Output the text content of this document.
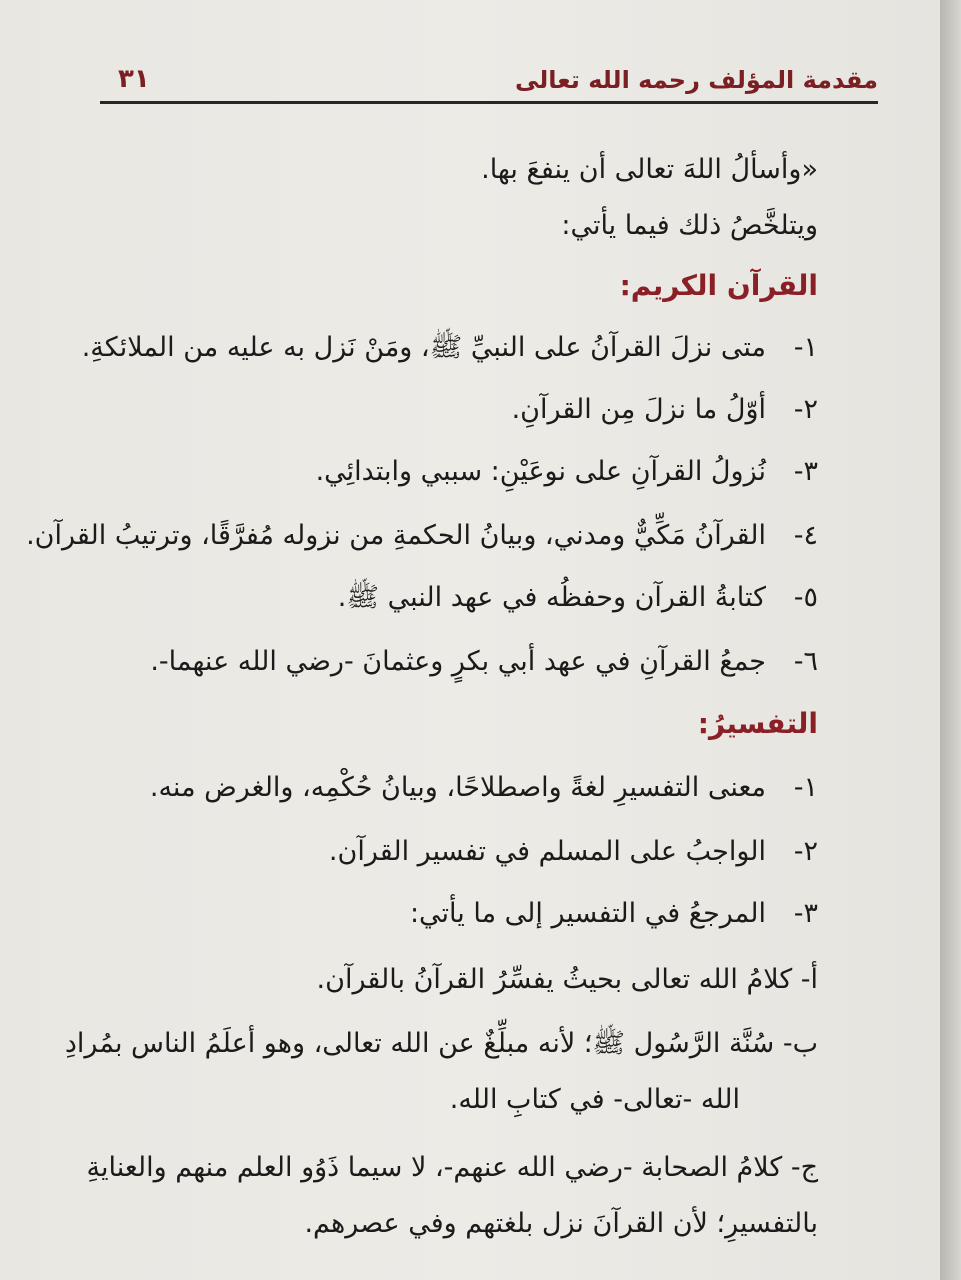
مقدمة المؤلف رحمه الله تعالى
٣١
«وأسألُ اللهَ تعالى أن ينفعَ بها.
ويتلخَّصُ ذلك فيما يأتي:
القرآن الكريم:
١-متى نزلَ القرآنُ على النبيِّ ﷺ، ومَنْ نَزل به عليه من الملائكةِ.
٢-أوّلُ ما نزلَ مِن القرآنِ.
٣-نُزولُ القرآنِ على نوعَيْنِ: سببي وابتدائِي.
٤-القرآنُ مَكِّيٌّ ومدني، وبيانُ الحكمةِ من نزوله مُفرَّقًا، وترتيبُ القرآن.
٥-كتابةُ القرآن وحفظُه في عهد النبي ﷺ.
٦-جمعُ القرآنِ في عهد أبي بكرٍ وعثمانَ -رضي الله عنهما-.
التفسيرُ:
١-معنى التفسيرِ لغةً واصطلاحًا، وبيانُ حُكْمِه، والغرض منه.
٢-الواجبُ على المسلم في تفسير القرآن.
٣-المرجعُ في التفسير إلى ما يأتي:
أ- كلامُ الله تعالى بحيثُ يفسِّرُ القرآنُ بالقرآن.
ب- سُنَّة الرَّسُول ﷺ؛ لأنه مبلِّغٌ عن الله تعالى، وهو أعلَمُ الناس بمُرادِ
الله -تعالى- في كتابِ الله.
ج- كلامُ الصحابة -رضي الله عنهم-، لا سيما ذَوُو العلم منهم والعنايةِ
بالتفسيرِ؛ لأن القرآنَ نزل بلغتهم وفي عصرهم.
